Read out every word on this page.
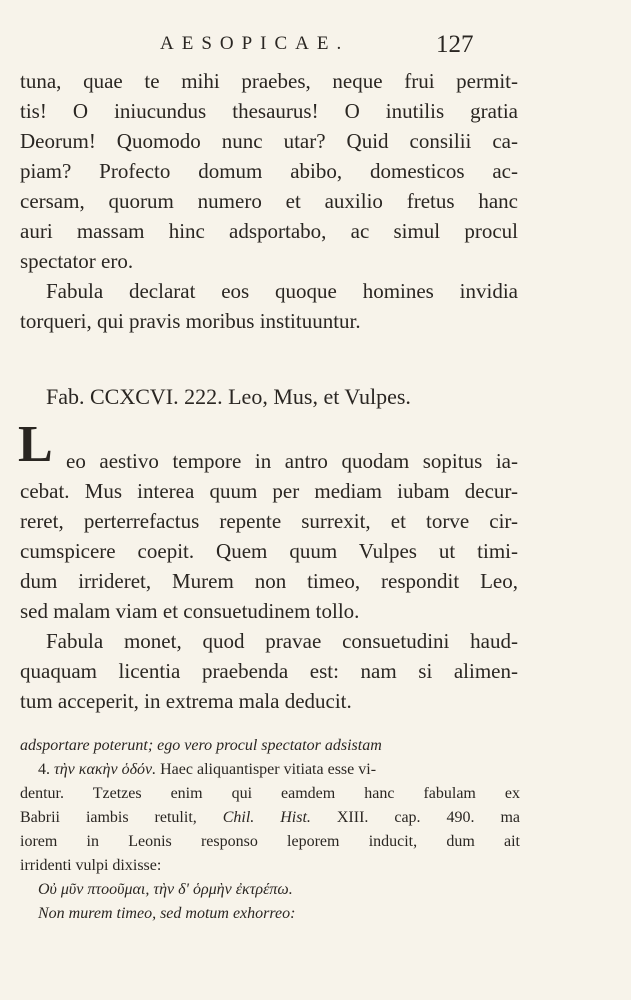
AESOPICAE.	127
tuna, quae te mihi praebes, neque frui permit-
tis! O iniucundus thesaurus! O inutilis gratia
Deorum! Quomodo nunc utar? Quid consilii ca-
piam? Profecto domum abibo, domesticos ac-
cersam, quorum numero et auxilio fretus hanc
auri massam hinc adsportabo, ac simul procul
spectator ero.
Fabula declarat eos quoque homines invidia
torqueri, qui pravis moribus instituuntur.
Fab. CCXCVI. 222. Leo, Mus, et Vulpes.
L eo aestivo tempore in antro quodam sopitus ia-
cebat. Mus interea quum per mediam iubam decur-
reret, perterrefactus repente surrexit, et torve cir-
cumspicere coepit. Quem quum Vulpes ut timi-
dum irrideret, Murem non timeo, respondit Leo,
sed malam viam et consuetudinem tollo.
Fabula monet, quod pravae consuetudini haud-
quaquam licentia praebenda est: nam si alimen-
tum acceperit, in extrema mala deducit.
adsportare poterunt; ego vero procul spectator adsistam
4. τὴν κακὴν ὁδόν. Haec aliquantisper vitiata esse vi-
dentur. Tzetzes enim qui eamdem hanc fabulam ex
Babrii iambis retulit, Chil. Hist. XIII. cap. 490. ma
iorem in Leonis responso leporem inducit, dum ait
irridenti vulpi dixisse:
Οὐ μῦν πτοοῦμαι, τὴν δ' ὁρμὴν ἐκτρέπω.
Non murem timeo, sed motum exhorreo:
